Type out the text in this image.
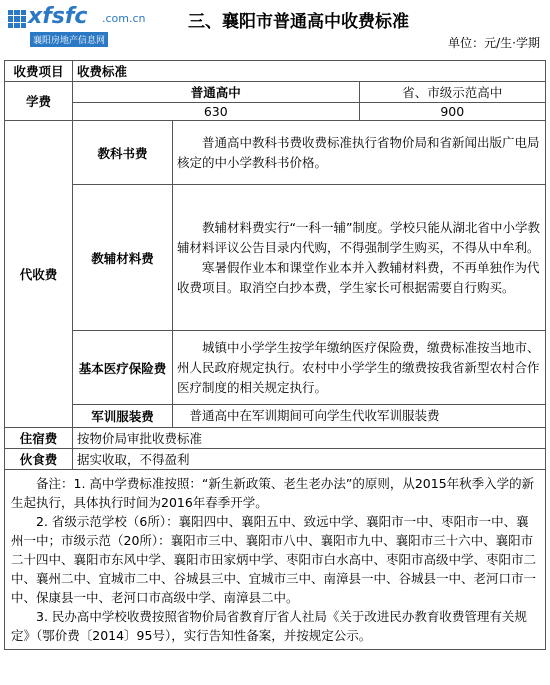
xfsfc .com.cn
襄阳房地产信息网
三、襄阳市普通高中收费标准
单位：元/生·学期
收费项目	收费标准		
学费	普通高中		省、市级示范高中
	630		900
代收费	教科书费	普通高中教科书费收费标准执行省物价局和省新闻出版广电局核定的中小学教科书价格。	

	教辅材料费	教辅材料费实行“一科一辅”制度。学校只能从湖北省中小学教辅材料评议公告目录内代购，不得强制学生购买，不得从中牟利。

寒暑假作业本和课堂作业本并入教辅材料费，不再单独作为代收费项目。取消空白抄本费，学生家长可根据需要自行购买。	

	基本医疗保险费	城镇中小学学生按学年缴纳医疗保险费，缴费标准按当地市、州人民政府规定执行。农村中小学学生的缴费按我省新型农村合作医疗制度的相关规定执行。	

	军训服装费	普通高中在军训期间可向学生代收军训服装费	

住宿费	按物价局审批收费标准		
伙食费	据实收取，不得盈利		

备注：1. 高中学费标准按照：“新生新政策、老生老办法”的原则，从2015年秋季入学的新生起执行，具体执行时间为2016年春季开学。

2. 省级示范学校（6所）：襄阳四中、襄阳五中、致远中学、襄阳市一中、枣阳市一中、襄州一中；市级示范（20所）：襄阳市三中、襄阳市八中、襄阳市九中、襄阳市三十六中、襄阳市二十四中、襄阳市东风中学、襄阳市田家炳中学、枣阳市白水高中、枣阳市高级中学、枣阳市二中、襄州二中、宜城市二中、谷城县三中、宜城市三中、南漳县一中、谷城县一中、老河口市一中、保康县一中、老河口市高级中学、南漳县二中。

3. 民办高中学校收费按照省物价局省教育厅省人社局《关于改进民办教育收费管理有关规定》（鄂价费〔2014〕95号），实行告知性备案，并按规定公示。			
